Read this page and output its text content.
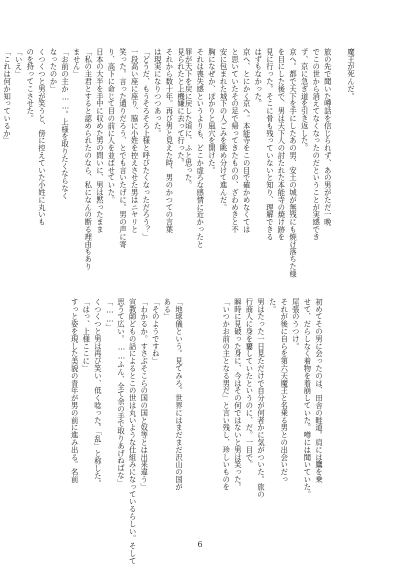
魔王が死んだ。

旅の先で聞いた噂話を信じられず、あの男がただ一晩

でこの世から消えてなくなったのだということが実感でき

ず、京に急ぎ道を引き返した。

京へ。都で天下を手にしたあの男、安土の城が無残にも焼け落ちた様

を目にした後で、男は天下人の討たれた本能寺の焼け跡を

見に行った。そこに骨も残っていないと知り、理解できる

はずもなかった。

京へ、とにかく京へ。本能寺をこの目で確かめなくては

と思いていたその足で帰ってきたものの、ざわめきと不

安に包まれた城下の人ごみを眺め分けて進んだ。

胸になぜか、ぽかりと風穴を開けた。

それは喪失感というよりも、どこか虚ろな感情に近かったと

罪が天下を戻に戻した頃に、ふと思った。

初めてその男に会ったのは、田舎の畦道。肩には鷹を乗

せて、だらしなく着物を着崩していた。噂には聞いていた。

尾張のうつけ。

それが後に自らを第六天魔王と名乗る男との出会いだっ

た。

男はたった一日見ただけで自分が何者かに気がついた。旅の

行商人に身を窶していたというのに、だ。一目で。

瞬時に見破った身に、今はその何ではないと男は笑った。

「いつかお前の主となる男だ」と言い残し、珍しいものを

見られたと上機嫌に去って行った。

それから数十年。再び男と見えた時、男のかつての言葉

は現実になりつつあった。

「どうだ、もうそろそろ上様と呼びたくなっただろう？」

一段高い座に座り、脇に小姓を控えさせた男はニヤリと

笑った。言った通りだろう、とでも言いたげに。男の声に寄

り、高下に命じて目の前に人を並ばせていた。

日本の大半を手中に収めた男の問いに、男は黙ったまま

「私の主君とすると認められたのなら、私になんの断る理由もあり

ません」

「お前の主か……。上様を取りたくならなく

なったのか」

くつくつと男が笑うと、傍に控えていた小姓に丸いも

のを持ってこさせた。

「いえ」

「これは何か知っているか」

「地球儀という。見てみろ。世界にはまだまだ沢山の国が

ある」

「そのようですね」

「わかるか。すさぶそこらの国の国と奴等とは出来違う」

宣教師どもの話によるとこの世は丸いような仕組みになっているらしい。そして

思うて広い。……ふん、全て余の手で取りあげねばな」

「……」

くつくつと男は再び笑い、低く唸った。「乱」と称した。

「はっ、上様ここに」

すっと姿を現した美貌の青年が男の前に進み出る。名前

6
